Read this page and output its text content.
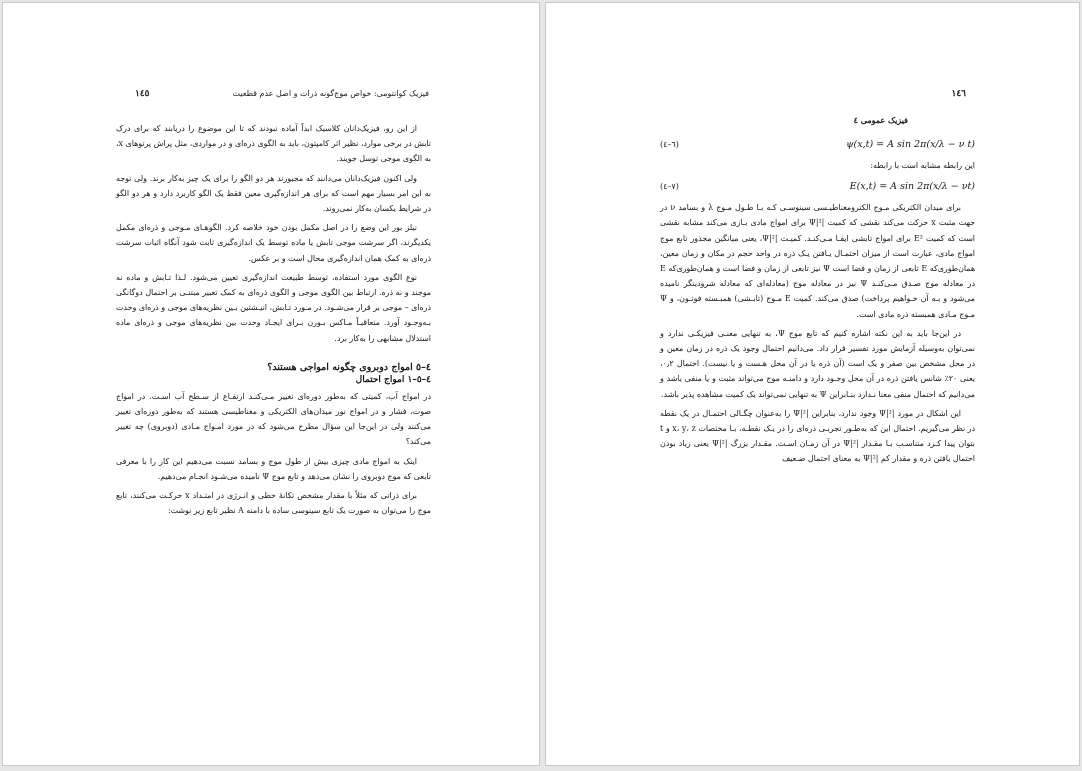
فیزیک کوانتومی: خواص موج‌گونه ذرات و اصل عدم قطعیت
١٤٥

از این رو، فیزیک‌دانان کلاسیک ابداً آماده نبودند که تا این موضوع را دریابند که برای درک تابش در برخی موارد، نظیر اثر کامپتون، باید به الگوی ذره‌ای و در مواردی، مثل پراش پرتوهای x، به الگوی موجی توسل جویند.

ولی اکنون فیزیک‌دانان می‌دانند که مجبورند هر دو الگو را برای یک چیز به‌کار برند. ولی توجه به این امر بسیار مهم است که برای هر اندازه‌گیری معین فقط یک الگو کاربرد دارد و هر دو الگو در شرایط یکسان به‌کار نمی‌روند.

نیلز بور این وضع را در اصل مکمل بودن خود خلاصه کرد. الگوهـای مـوجی و ذره‌ای مکمل یکدیگرند، اگر سرشت موجی تابش یا ماده توسط یک اندازه‌گیری ثابت شود آنگاه اثبات سرشت ذره‌ای به کمک همان اندازه‌گیری محال است و بر عکس.

نوع الگوی مورد استفاده، توسط طبیعت اندازه‌گیری تعیین می‌شود. لـذا تـابش و ماده نه موجند و نه ذره. ارتباط بین الگوی موجی و الگوی ذره‌ای به کمک تعبیر مبتنـی بر احتمال دوگانگی ذره‌ای – موجی بر قرار می‌شـود. در مـورد تـابش، انیـشتین بـین نظریه‌های موجی و ذره‌ای وحدت بـه‌وجـود آورد. متعاقبـاً مـاکس بـورن بـرای ایجـاد وحدت بین نظریه‌های موجی و ذره‌ای ماده استدلال مشابهی را به‌کار برد.

٤–٥ امواج دوبروی چگونه امواجی هستند؟
٤–٥–١ امواج احتمال

در امواج آب، کمیتی که به‌طور دوره‌ای تغییر مـی‌کنـد ارتفـاع از سـطح آب اسـت. در امواج صوت، فشار و در امواج نور میدان‌های الکتریکی و مغناطیسی هستند که به‌طور دوره‌ای تغییر می‌کنند ولی در این‌جا این سؤال مطرح می‌شود که در مورد امـواج مـادی (دوبروی) چه تغییر می‌کند؟

اینک به امواج مادی چیزی بیش از طول موج و بسامد نسبت می‌دهیم این کار را با معرفی تابعی که موج دوبروی را نشان می‌دهد و تابع موج Ψ نامیده می‌شـود انجـام می‌دهیم.

برای ذراتی که مثلاً با مقدار مشخص تکانهٔ خطی و انـرژی در امتـداد x حرکـت می‌کنند، تابع موج را می‌توان به صورت یک تابع سینوسی ساده با دامنه A نظیر تابع زیر نوشت:

١٤٦
فیزیک عمومی ٤
(٦–٤)	ψ(x,t) = A sin 2π(x/λ − ν t)

این رابطه مشابه است با رابطه:

(٧–٤)	E(x,t) = A sin 2π(x/λ − νt)

برای میدان الکتریکی مـوج الکترومغناطیـسی سینوسـی کـه بـا طـول مـوج λ و بسامد ν در جهت مثبت x حرکت می‌کند نقشی که کمیت |Ψ|² برای امواج مادی بـازی می‌کند مشابه نقشی است که کمیت E² برای امواج تابشی ایفـا مـی‌کنـد. کمیـت |Ψ|²، یعنی میانگین مجذور تابع موج امواج مادی، عبارت است از میزان احتمـال یـافتن یـک ذره در واحد حجم در مکان و زمان معین، همان‌طوری‌که E تابعی از زمان و فضا است Ψ نیز تابعی از زمان و فضا است و همان‌طوری‌که E در معادله موج صـدق مـی‌کنـد Ψ نیز در معادله موج (معادله‌ای که معادله شرودینگر نامیده می‌شود و بـه آن خـواهیم پرداخت) صدق می‌کند. کمیت E مـوج (تابـشی) همبـسته فوتـون، و Ψ مـوج مـادی همبسته ذره مادی است.

در این‌جا باید به این نکته اشاره کنیم که تابع موج Ψ، به تنهایی معنـی فیزیکـی ندارد و نمی‌توان به‌وسیله آزمایش مورد تفسیر قرار داد. می‌دانیم احتمال وجود یک ذره در زمان معین و در محل مشخص بین صفر و یک است (آن ذره یا در آن محل هـست و یا نیست). احتمال ٠٫٢، یعنی ٢٠٪ شانس یافتن ذره در آن محل وجـود دارد و دامنـه موج می‌تواند مثبت و یا منفی باشد و می‌دانیم که احتمال منفی معنا نـدارد بنـابراین Ψ به تنهایی نمی‌تواند یک کمیت مشاهده پذیر باشد.

این اشکال در مورد |Ψ|² وجود ندارد، بنابراین |Ψ|² را به‌عنوان چگـالی احتمـال در یک نقطه در نظر می‌گیریم. احتمال این که به‌طـور تجربـی ذره‌ای را در یـک نقطـه، بـا مختصات x، y، z و t بتوان پیدا کـرد متناسـب بـا مقـدار |Ψ|² در آن زمـان اسـت. مقـدار بزرگ |Ψ|² یعنی زیاد بودن احتمال یافتن ذره و مقدار کم |Ψ|² به معنای احتمال ضـعیف
